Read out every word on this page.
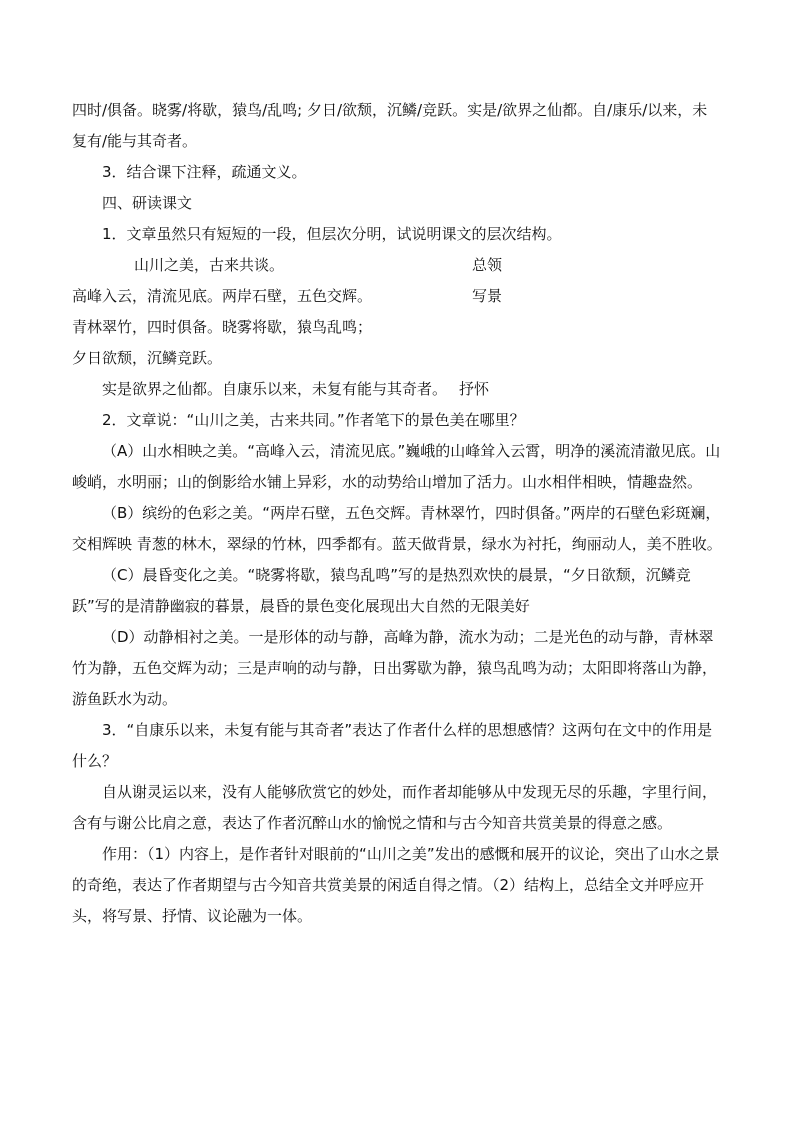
四时/俱备。晓雾/将歇，猿鸟/乱鸣; 夕日/欲颓，沉鳞/竞跃。实是/欲界之仙都。自/康乐/以来，未复有/能与其奇者。

3．结合课下注释，疏通文义。

四、研读课文

1．文章虽然只有短短的一段，但层次分明，试说明课文的层次结构。

山川之美，古来共谈。	总领
高峰入云，清流见底。两岸石壁，五色交辉。	写景
青林翠竹，四时俱备。晓雾将歇，猿鸟乱鸣；
夕日欲颓，沉鳞竞跃。
实是欲界之仙都。自康乐以来，未复有能与其奇者。 抒怀

2．文章说：“山川之美，古来共同。”作者笔下的景色美在哪里？

（A）山水相映之美。“高峰入云，清流见底。”巍峨的山峰耸入云霄，明净的溪流清澈见底。山峻峭，水明丽；山的倒影给水铺上异彩，水的动势给山增加了活力。山水相伴相映，情趣盎然。

（B）缤纷的色彩之美。“两岸石壁，五色交辉。青林翠竹，四时俱备。”两岸的石壁色彩斑斓，交相辉映 青葱的林木，翠绿的竹林，四季都有。蓝天做背景，绿水为衬托，绚丽动人，美不胜收。

（C）晨昏变化之美。“晓雾将歇，猿鸟乱鸣”写的是热烈欢快的晨景，“夕日欲颓，沉鳞竞跃”写的是清静幽寂的暮景，晨昏的景色变化展现出大自然的无限美好

（D）动静相衬之美。一是形体的动与静，高峰为静，流水为动；二是光色的动与静，青林翠竹为静，五色交辉为动；三是声响的动与静，日出雾歇为静，猿鸟乱鸣为动；太阳即将落山为静，游鱼跃水为动。

3．“自康乐以来，未复有能与其奇者”表达了作者什么样的思想感情？这两句在文中的作用是什么？

自从谢灵运以来，没有人能够欣赏它的妙处，而作者却能够从中发现无尽的乐趣，字里行间，含有与谢公比肩之意，表达了作者沉醉山水的愉悦之情和与古今知音共赏美景的得意之感。

作用：（1）内容上，是作者针对眼前的“山川之美”发出的感慨和展开的议论，突出了山水之景的奇绝，表达了作者期望与古今知音共赏美景的闲适自得之情。（2）结构上，总结全文并呼应开头，将写景、抒情、议论融为一体。
